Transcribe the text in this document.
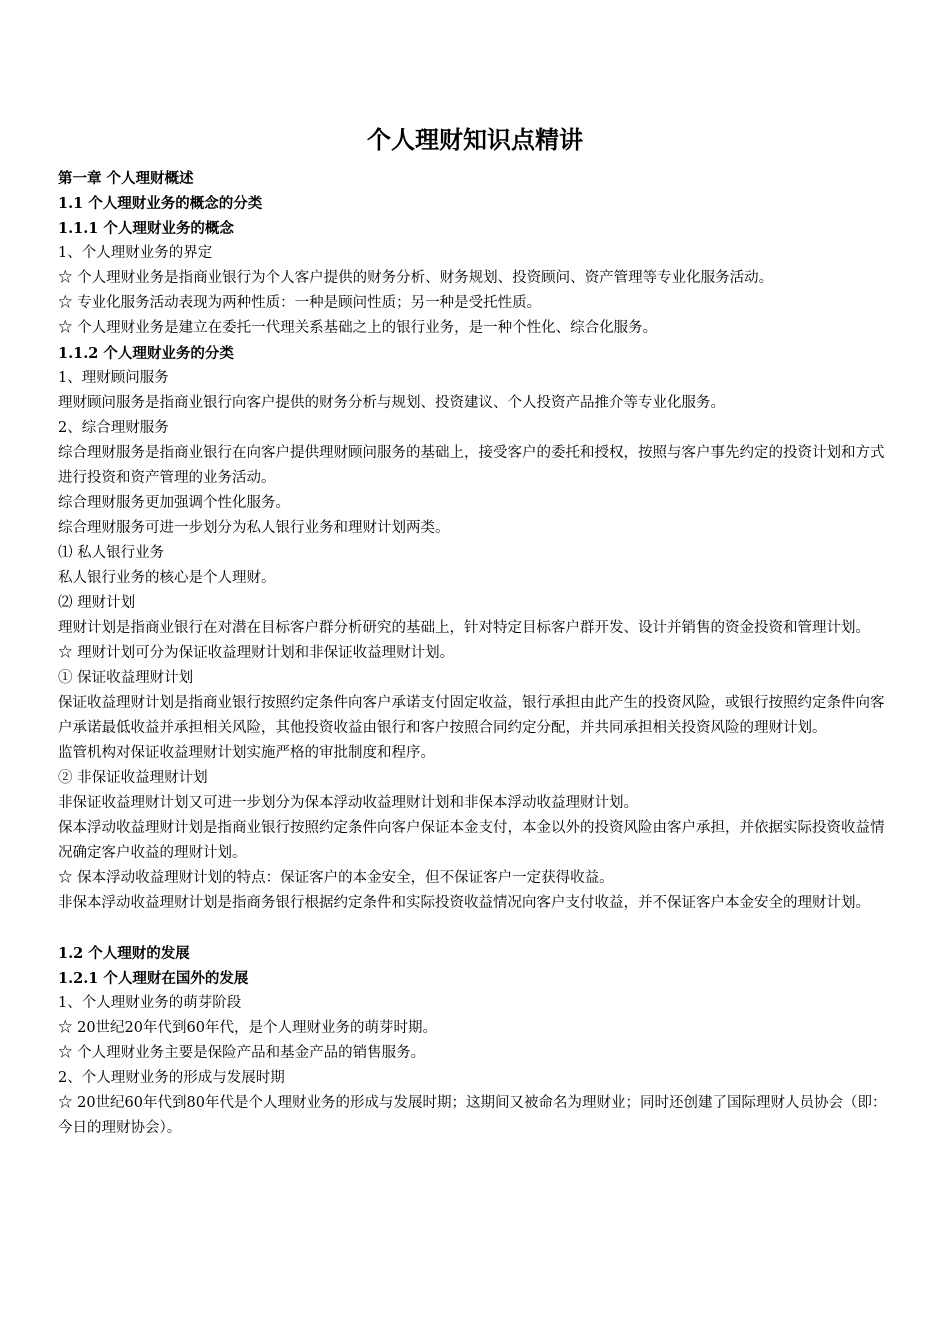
个人理财知识点精讲
第一章 个人理财概述
1.1 个人理财业务的概念的分类
1.1.1 个人理财业务的概念
1、个人理财业务的界定
☆ 个人理财业务是指商业银行为个人客户提供的财务分析、财务规划、投资顾问、资产管理等专业化服务活动。
☆ 专业化服务活动表现为两种性质：一种是顾问性质；另一种是受托性质。
☆ 个人理财业务是建立在委托一代理关系基础之上的银行业务，是一种个性化、综合化服务。
1.1.2 个人理财业务的分类
1、理财顾问服务
理财顾问服务是指商业银行向客户提供的财务分析与规划、投资建议、个人投资产品推介等专业化服务。
2、综合理财服务
综合理财服务是指商业银行在向客户提供理财顾问服务的基础上，接受客户的委托和授权，按照与客户事先约定的投资计划和方式进行投资和资产管理的业务活动。
综合理财服务更加强调个性化服务。
综合理财服务可进一步划分为私人银行业务和理财计划两类。
⑴ 私人银行业务
私人银行业务的核心是个人理财。
⑵ 理财计划
理财计划是指商业银行在对潜在目标客户群分析研究的基础上，针对特定目标客户群开发、设计并销售的资金投资和管理计划。
☆ 理财计划可分为保证收益理财计划和非保证收益理财计划。
① 保证收益理财计划
保证收益理财计划是指商业银行按照约定条件向客户承诺支付固定收益，银行承担由此产生的投资风险，或银行按照约定条件向客户承诺最低收益并承担相关风险，其他投资收益由银行和客户按照合同约定分配，并共同承担相关投资风险的理财计划。
监管机构对保证收益理财计划实施严格的审批制度和程序。
② 非保证收益理财计划
非保证收益理财计划又可进一步划分为保本浮动收益理财计划和非保本浮动收益理财计划。
保本浮动收益理财计划是指商业银行按照约定条件向客户保证本金支付，本金以外的投资风险由客户承担，并依据实际投资收益情况确定客户收益的理财计划。
☆ 保本浮动收益理财计划的特点：保证客户的本金安全，但不保证客户一定获得收益。
非保本浮动收益理财计划是指商务银行根据约定条件和实际投资收益情况向客户支付收益，并不保证客户本金安全的理财计划。
1.2 个人理财的发展
1.2.1 个人理财在国外的发展
1、个人理财业务的萌芽阶段
☆ 20世纪20年代到60年代，是个人理财业务的萌芽时期。
☆ 个人理财业务主要是保险产品和基金产品的销售服务。
2、个人理财业务的形成与发展时期
☆ 20世纪60年代到80年代是个人理财业务的形成与发展时期；这期间又被命名为理财业；同时还创建了国际理财人员协会（即：今日的理财协会）。
